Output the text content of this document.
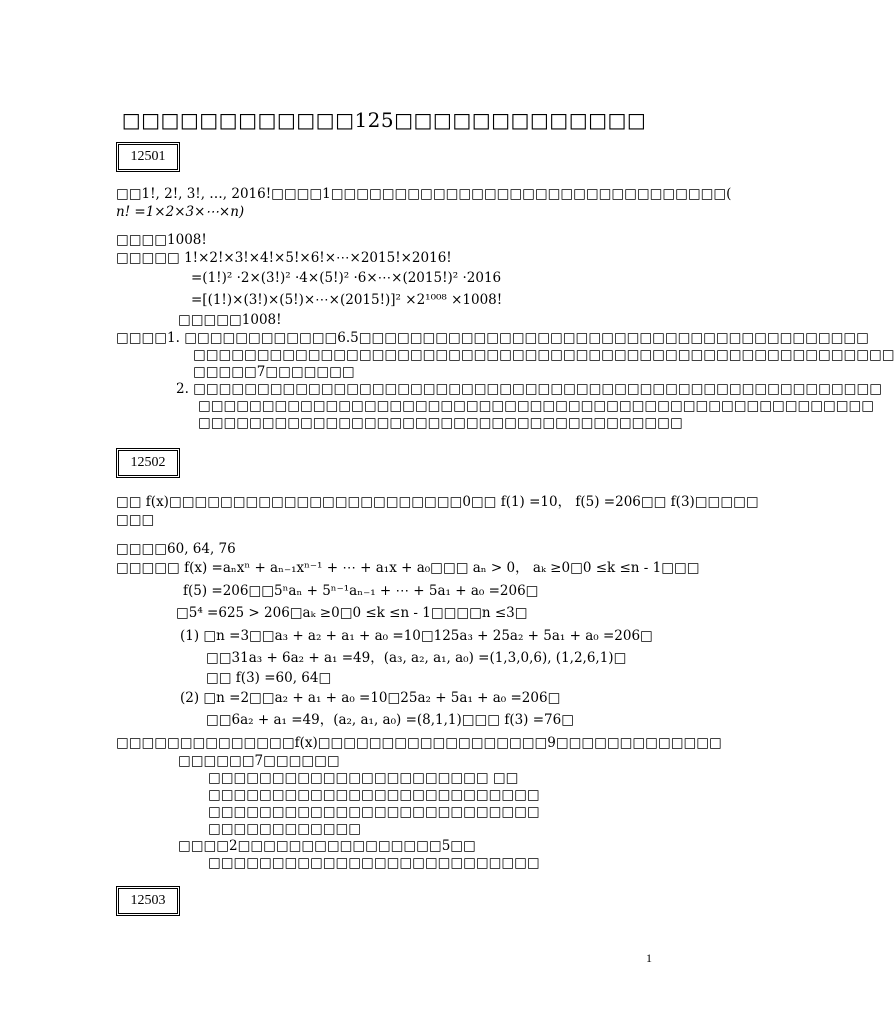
□□□□□□□□□□□□125□□□□□□□□□□□□□
12501
□□1!, 2!, 3!, …, 2016!□□□□1□□□□□□□□□□□□□□□□□□□□□□□□□□□□□□□(
n! =1×2×3×⋯×n)
□□□□1008!
□□□□□ 1!×2!×3!×4!×5!×6!×⋯×2015!×2016!
=(1!)² ·2×(3!)² ·4×(5!)² ·6×⋯×(2015!)² ·2016
=[(1!)×(3!)×(5!)×⋯×(2015!)]² ×2¹⁰⁰⁸ ×1008!
□□□□□1008!
□□□□1. □□□□□□□□□□□□6.5□□□□□□□□□□□□□□□□□□□□□□□□□□□□□□□□□□□□□□□□
□□□□□□□□□□□□□□□□□□□□□□□□□□□□□□□□□□□□□□□□□□□□□□□□□□□□□□□
□□□□□7□□□□□□□
2. □□□□□□□□□□□□□□□□□□□□□□□□□□□□□□□□□□□□□□□□□□□□□□□□□□□□□□
□□□□□□□□□□□□□□□□□□□□□□□□□□□□□□□□□□□□□□□□□□□□□□□□□□□□□
□□□□□□□□□□□□□□□□□□□□□□□□□□□□□□□□□□□□□□
12502
□□ f(x)□□□□□□□□□□□□□□□□□□□□□□□0□□ f(1) =10， f(5) =206□□ f(3)□□□□□
□□□
□□□□60, 64, 76
□□□□□ f(x) =aₙxⁿ + aₙ₋₁xⁿ⁻¹ + ⋯ + a₁x + a₀□□□ aₙ > 0， aₖ ≥0□0 ≤k ≤n - 1□□□
f(5) =206□□5ⁿaₙ + 5ⁿ⁻¹aₙ₋₁ + ⋯ + 5a₁ + a₀ =206□
□5⁴ =625 > 206□aₖ ≥0□0 ≤k ≤n - 1□□□□n ≤3□
(1) □n =3□□a₃ + a₂ + a₁ + a₀ =10□125a₃ + 25a₂ + 5a₁ + a₀ =206□
□□31a₃ + 6a₂ + a₁ =49，(a₃, a₂, a₁, a₀) =(1,3,0,6), (1,2,6,1)□
□□ f(3) =60, 64□
(2) □n =2□□a₂ + a₁ + a₀ =10□25a₂ + 5a₁ + a₀ =206□
□□6a₂ + a₁ =49，(a₂, a₁, a₀) =(8,1,1)□□□ f(3) =76□
□□□□□□□□□□□□□□f(x)□□□□□□□□□□□□□□□□□□9□□□□□□□□□□□□□
□□□□□□7□□□□□□
□□□□□□□□□□□□□□□□□□□□□□ □□
□□□□□□□□□□□□□□□□□□□□□□□□□□
□□□□□□□□□□□□□□□□□□□□□□□□□□
□□□□□□□□□□□□
□□□□2□□□□□□□□□□□□□□□□5□□
□□□□□□□□□□□□□□□□□□□□□□□□□□
12503
1
